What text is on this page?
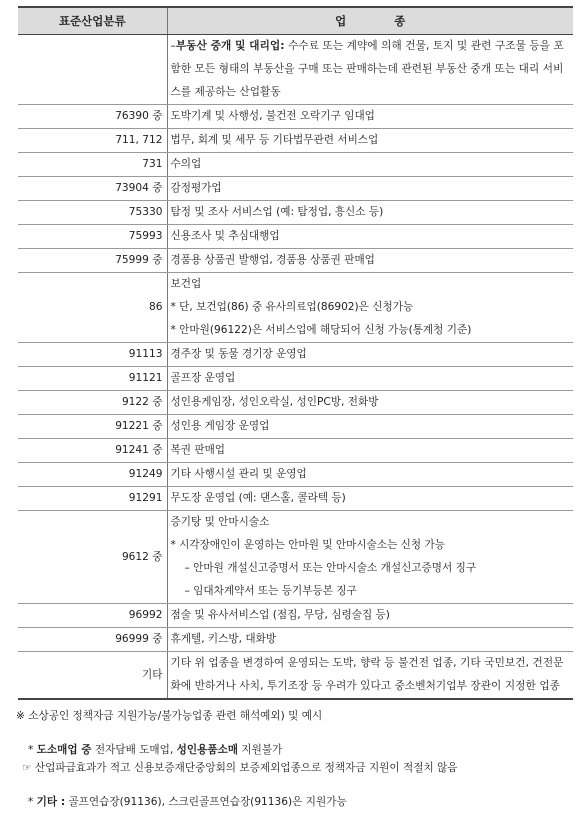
표준산업분류	업 종
	–부동산 중개 및 대리업: 수수료 또는 계약에 의해 건물, 토지 및 관련 구조물 등을 포함한 모든 형태의 부동산을 구매 또는 판매하는데 관련된 부동산 중개 또는 대리 서비스를 제공하는 산업활동
76390 중	도박기계 및 사행성, 불건전 오락기구 임대업
711, 712	법무, 회계 및 세무 등 기타법무관련 서비스업
731	수의업
73904 중	감정평가업
75330	탐정 및 조사 서비스업 (예: 탐정업, 흥신소 등)
75993	신용조사 및 추심대행업
75999 중	경품용 상품권 발행업, 경품용 상품권 판매업
86	보건업
* 단, 보건업(86) 중 유사의료업(86902)은 신청가능
* 안마원(96122)은 서비스업에 해당되어 신청 가능(통계청 기준)

91113	경주장 및 동물 경기장 운영업
91121	골프장 운영업
9122 중	성인용게임장, 성인오락실, 성인PC방, 전화방
91221 중	성인용 게임장 운영업
91241 중	복권 판매업
91249	기타 사행시설 관리 및 운영업
91291	무도장 운영업 (예: 댄스홀, 콜라텍 등)
9612 중	증기탕 및 안마시술소
* 시각장애인이 운영하는 안마원 및 안마시술소는 신청 가능
– 안마원 개설신고증명서 또는 안마시술소 개설신고증명서 징구
– 임대차계약서 또는 등기부등본 징구

96992	점술 및 유사서비스업 (점집, 무당, 심령술집 등)
96999 중	휴게텔, 키스방, 대화방
기타	기타 위 업종을 변경하여 운영되는 도박, 향락 등 불건전 업종, 기타 국민보건, 건전문화에 반하거나 사치, 투기조장 등 우려가 있다고 중소벤처기업부 장관이 지정한 업종
※ 소상공인 정책자금 지원가능/불가능업종 관련 해석예외) 및 예시
* 도소매업 중 전자담배 도매업, 성인용품소매 지원불가
☞ 산업파급효과가 적고 신용보증재단중앙회의 보증제외업종으로 정책자금 지원이 적절치 않음
* 기타 : 골프연습장(91136), 스크린골프연습장(91136)은 지원가능
